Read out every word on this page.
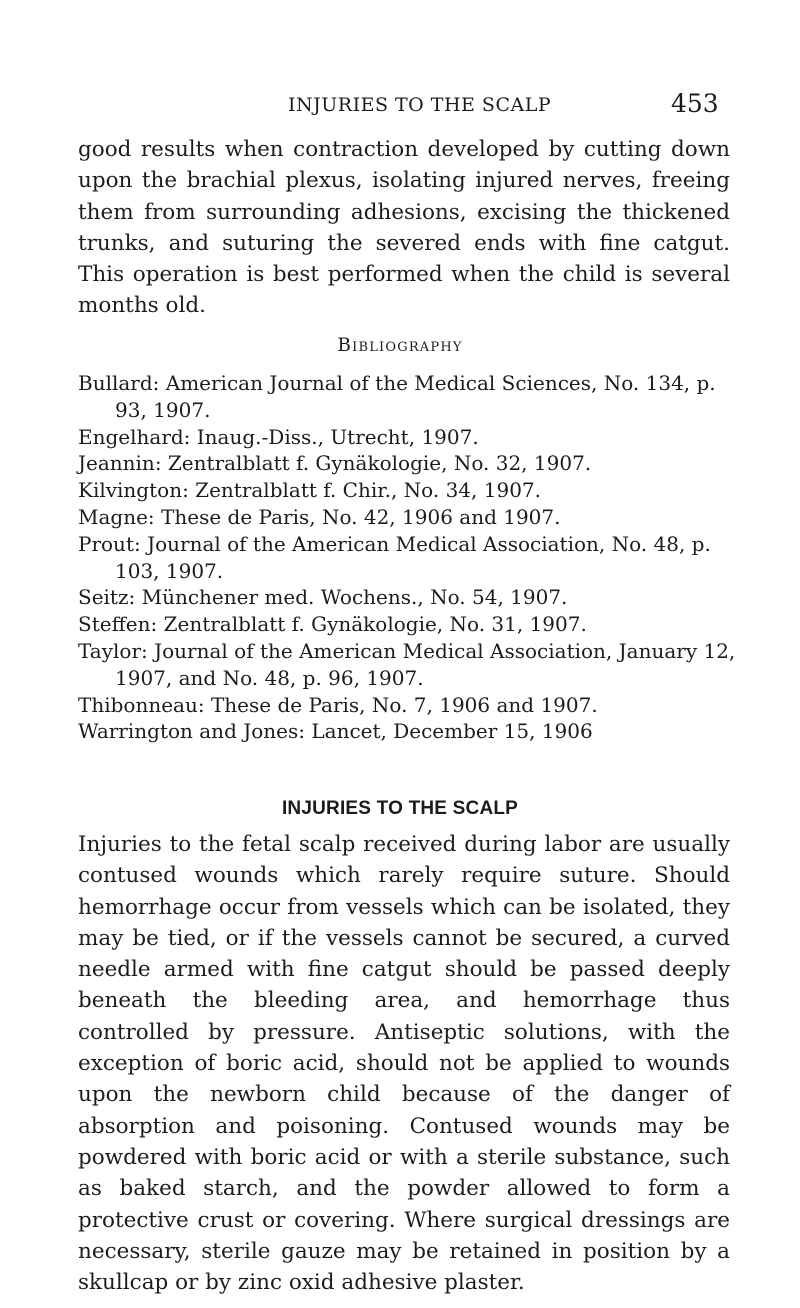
INJURIES TO THE SCALP	453

good results when contraction developed by cutting down upon the brachial plexus, isolating injured nerves, freeing them from surrounding adhesions, excising the thickened trunks, and suturing the severed ends with fine catgut. This operation is best performed when the child is several months old.

Bibliography
Bullard: American Journal of the Medical Sciences, No. 134, p. 93, 1907.
Engelhard: Inaug.-Diss., Utrecht, 1907.
Jeannin: Zentralblatt f. Gynäkologie, No. 32, 1907.
Kilvington: Zentralblatt f. Chir., No. 34, 1907.
Magne: These de Paris, No. 42, 1906 and 1907.
Prout: Journal of the American Medical Association, No. 48, p. 103, 1907.
Seitz: Münchener med. Wochens., No. 54, 1907.
Steffen: Zentralblatt f. Gynäkologie, No. 31, 1907.
Taylor: Journal of the American Medical Association, January 12, 1907, and No. 48, p. 96, 1907.
Thibonneau: These de Paris, No. 7, 1906 and 1907.
Warrington and Jones: Lancet, December 15, 1906
INJURIES TO THE SCALP

Injuries to the fetal scalp received during labor are usually contused wounds which rarely require suture. Should hemorrhage occur from vessels which can be isolated, they may be tied, or if the vessels cannot be secured, a curved needle armed with fine catgut should be passed deeply beneath the bleeding area, and hemorrhage thus controlled by pressure. Antiseptic solutions, with the exception of boric acid, should not be applied to wounds upon the newborn child because of the danger of absorption and poisoning. Contused wounds may be powdered with boric acid or with a sterile substance, such as baked starch, and the powder allowed to form a protective crust or covering. Where surgical dressings are necessary, sterile gauze may be retained in position by a skullcap or by zinc oxid adhesive plaster.
